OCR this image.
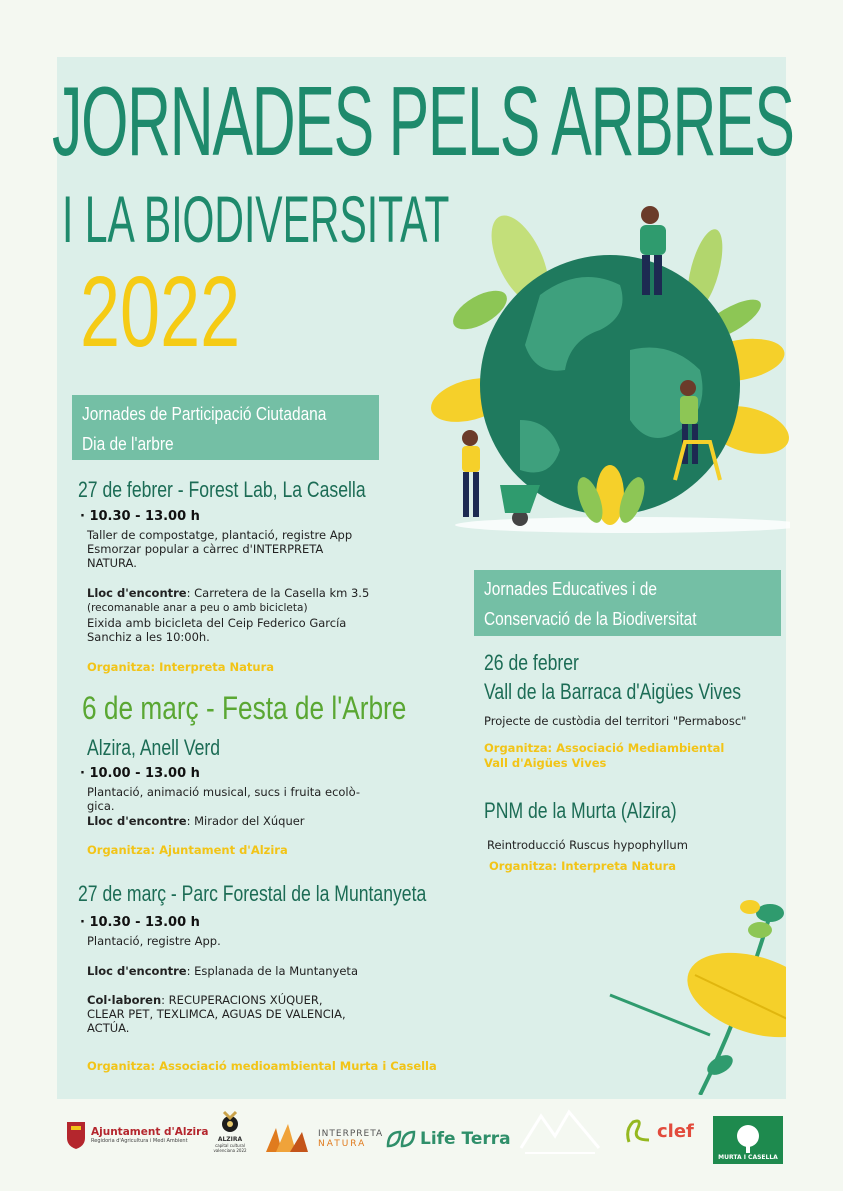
JORNADES PELS ARBRES
I LA BIODIVERSITAT
2022
Jornades de Participació Ciutadana
Dia de l'arbre
27 de febrer - Forest Lab, La Casella
· 10.30 - 13.00 h
Taller de compostatge, plantació, registre App
Esmorzar popular a càrrec d'INTERPRETA
NATURA.
Lloc d'encontre: Carretera de la Casella km 3.5
(recomanable anar a peu o amb bicicleta)
Eixida amb bicicleta del Ceip Federico García
Sanchiz a les 10:00h.
Organitza: Interpreta Natura
6 de març - Festa de l'Arbre
Alzira, Anell Verd
· 10.00 - 13.00 h
Plantació, animació musical, sucs i fruita ecolò-
gica.
Lloc d'encontre: Mirador del Xúquer
Organitza: Ajuntament d'Alzira
27 de març - Parc Forestal de la Muntanyeta
· 10.30 - 13.00 h
Plantació, registre App.
Lloc d'encontre: Esplanada de la Muntanyeta
Col·laboren: RECUPERACIONS XÚQUER,
CLEAR PET, TEXLIMCA, AGUAS DE VALENCIA,
ACTÚA.
Organitza: Associació medioambiental Murta i Casella
Jornades Educatives i de
Conservació de la Biodiversitat
26 de febrer
Vall de la Barraca d'Aigües Vives
Projecte de custòdia del territori "Permabosc"
Organitza: Associació Mediambiental
Vall d'Aigües Vives
PNM de la Murta (Alzira)
Reintroducció Ruscus hypophyllum
Organitza: Interpreta Natura
Ajuntament d'Alzira
Regidoria d'Agricultura i Medi Ambient	ALZIRA
capital cultural
valenciana 2022
INTERPRETA
NATURA	Life Terra	clef
MURTA I CASELLA
